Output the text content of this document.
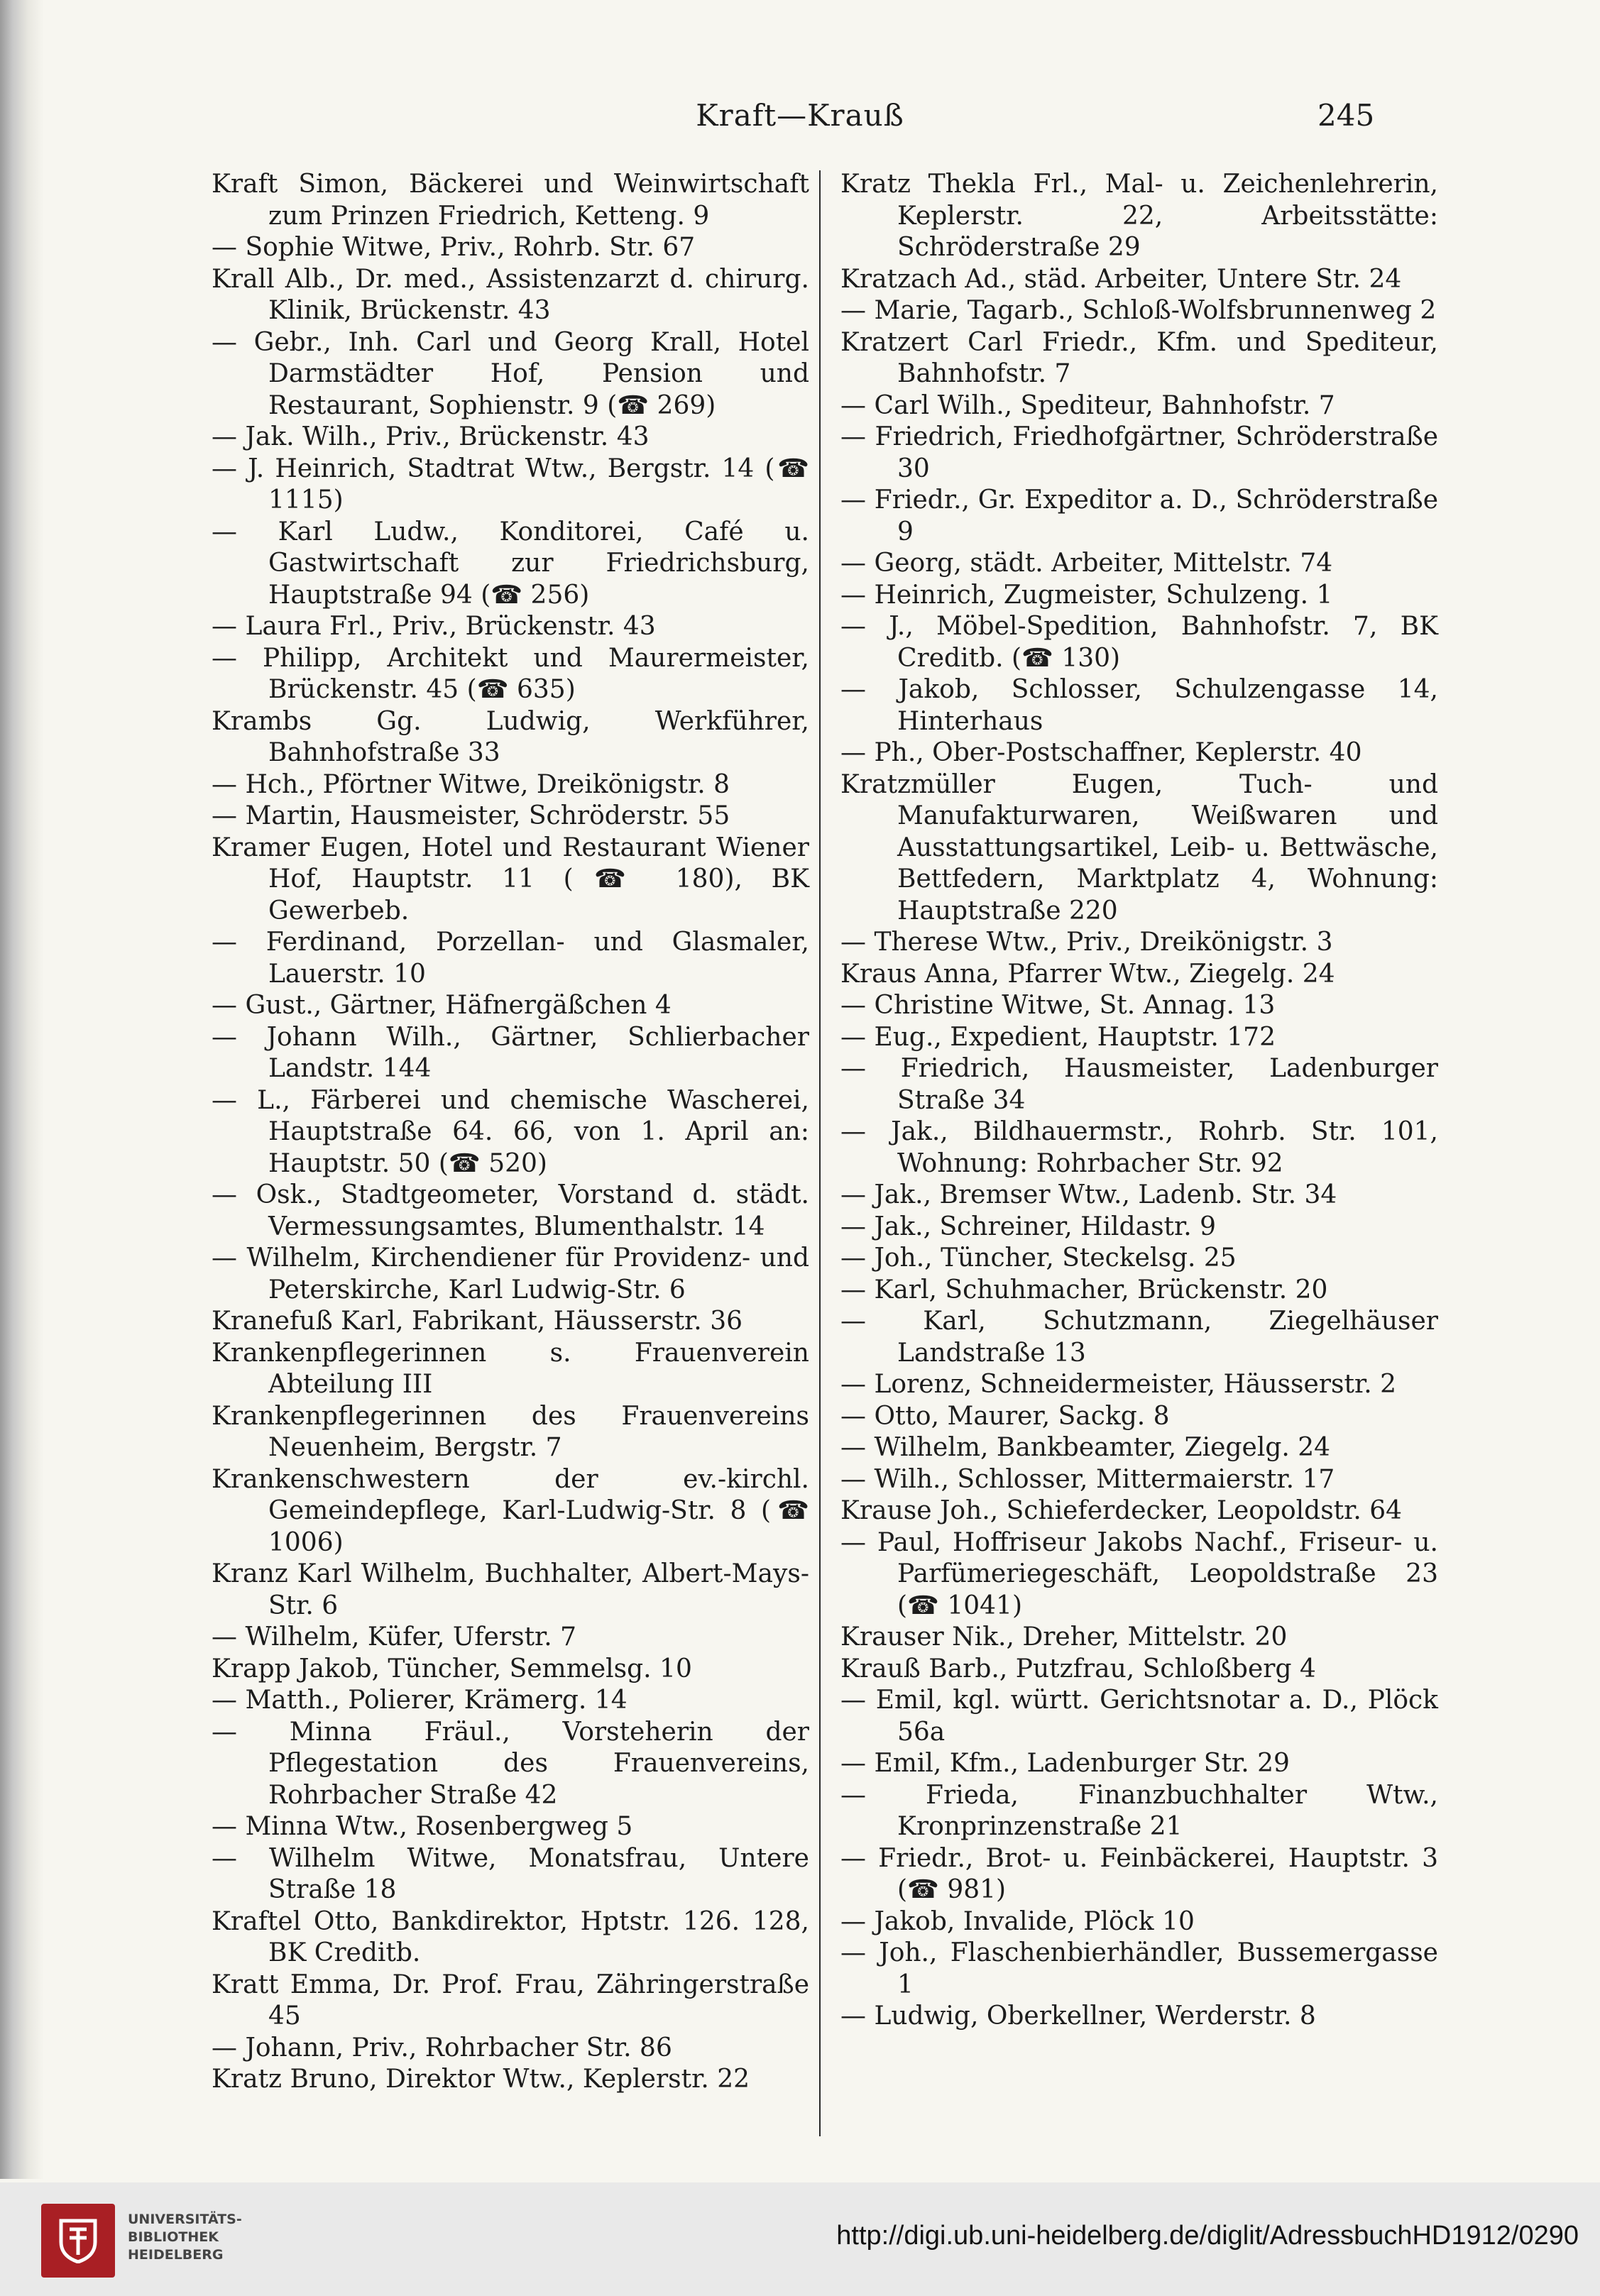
Kraft—Krauß	245

Kraft Simon, Bäckerei und Weinwirtschaft zum Prinzen Friedrich, Ketteng. 9

— Sophie Witwe, Priv., Rohrb. Str. 67

Krall Alb., Dr. med., Assistenzarzt d. chirurg. Klinik, Brückenstr. 43

— Gebr., Inh. Carl und Georg Krall, Hotel Darmstädter Hof, Pension und Restaurant, Sophienstr. 9 (☎ 269)

— Jak. Wilh., Priv., Brückenstr. 43

— J. Heinrich, Stadtrat Wtw., Bergstr. 14 (☎ 1115)

— Karl Ludw., Konditorei, Café u. Gastwirtschaft zur Friedrichsburg, Hauptstraße 94 (☎ 256)

— Laura Frl., Priv., Brückenstr. 43

— Philipp, Architekt und Maurermeister, Brückenstr. 45 (☎ 635)

Krambs Gg. Ludwig, Werkführer, Bahnhofstraße 33

— Hch., Pförtner Witwe, Dreikönigstr. 8

— Martin, Hausmeister, Schröderstr. 55

Kramer Eugen, Hotel und Restaurant Wiener Hof, Hauptstr. 11 (☎ 180), BK Gewerbeb.

— Ferdinand, Porzellan- und Glasmaler, Lauerstr. 10

— Gust., Gärtner, Häfnergäßchen 4

— Johann Wilh., Gärtner, Schlierbacher Landstr. 144

— L., Färberei und chemische Wascherei, Hauptstraße 64. 66, von 1. April an: Hauptstr. 50 (☎ 520)

— Osk., Stadtgeometer, Vorstand d. städt. Vermessungsamtes, Blumenthalstr. 14

— Wilhelm, Kirchendiener für Providenz- und Peterskirche, Karl Ludwig-Str. 6

Kranefuß Karl, Fabrikant, Häusserstr. 36

Krankenpflegerinnen s. Frauenverein Abteilung III

Krankenpflegerinnen des Frauenvereins Neuenheim, Bergstr. 7

Krankenschwestern der ev.-kirchl. Gemeindepflege, Karl-Ludwig-Str. 8 (☎ 1006)

Kranz Karl Wilhelm, Buchhalter, Albert-Mays-Str. 6

— Wilhelm, Küfer, Uferstr. 7

Krapp Jakob, Tüncher, Semmelsg. 10

— Matth., Polierer, Krämerg. 14

— Minna Fräul., Vorsteherin der Pflegestation des Frauenvereins, Rohrbacher Straße 42

— Minna Wtw., Rosenbergweg 5

— Wilhelm Witwe, Monatsfrau, Untere Straße 18

Kraftel Otto, Bankdirektor, Hptstr. 126. 128, BK Creditb.

Kratt Emma, Dr. Prof. Frau, Zähringerstraße 45

— Johann, Priv., Rohrbacher Str. 86

Kratz Bruno, Direktor Wtw., Keplerstr. 22

Kratz Thekla Frl., Mal- u. Zeichenlehrerin, Keplerstr. 22, Arbeitsstätte: Schröderstraße 29

Kratzach Ad., städ. Arbeiter, Untere Str. 24

— Marie, Tagarb., Schloß-Wolfsbrunnenweg 2

Kratzert Carl Friedr., Kfm. und Spediteur, Bahnhofstr. 7

— Carl Wilh., Spediteur, Bahnhofstr. 7

— Friedrich, Friedhofgärtner, Schröderstraße 30

— Friedr., Gr. Expeditor a. D., Schröderstraße 9

— Georg, städt. Arbeiter, Mittelstr. 74

— Heinrich, Zugmeister, Schulzeng. 1

— J., Möbel-Spedition, Bahnhofstr. 7, BK Creditb. (☎ 130)

— Jakob, Schlosser, Schulzengasse 14, Hinterhaus

— Ph., Ober-Postschaffner, Keplerstr. 40

Kratzmüller Eugen, Tuch- und Manufakturwaren, Weißwaren und Ausstattungsartikel, Leib- u. Bettwäsche, Bettfedern, Marktplatz 4, Wohnung: Hauptstraße 220

— Therese Wtw., Priv., Dreikönigstr. 3

Kraus Anna, Pfarrer Wtw., Ziegelg. 24

— Christine Witwe, St. Annag. 13

— Eug., Expedient, Hauptstr. 172

— Friedrich, Hausmeister, Ladenburger Straße 34

— Jak., Bildhauermstr., Rohrb. Str. 101, Wohnung: Rohrbacher Str. 92

— Jak., Bremser Wtw., Ladenb. Str. 34

— Jak., Schreiner, Hildastr. 9

— Joh., Tüncher, Steckelsg. 25

— Karl, Schuhmacher, Brückenstr. 20

— Karl, Schutzmann, Ziegelhäuser Landstraße 13

— Lorenz, Schneidermeister, Häusserstr. 2

— Otto, Maurer, Sackg. 8

— Wilhelm, Bankbeamter, Ziegelg. 24

— Wilh., Schlosser, Mittermaierstr. 17

Krause Joh., Schieferdecker, Leopoldstr. 64

— Paul, Hoffriseur Jakobs Nachf., Friseur- u. Parfümeriegeschäft, Leopoldstraße 23 (☎ 1041)

Krauser Nik., Dreher, Mittelstr. 20

Krauß Barb., Putzfrau, Schloßberg 4

— Emil, kgl. württ. Gerichtsnotar a. D., Plöck 56a

— Emil, Kfm., Ladenburger Str. 29

— Frieda, Finanzbuchhalter Wtw., Kronprinzenstraße 21

— Friedr., Brot- u. Feinbäckerei, Hauptstr. 3 (☎ 981)

— Jakob, Invalide, Plöck 10

— Joh., Flaschenbierhändler, Bussemergasse 1

— Ludwig, Oberkellner, Werderstr. 8

UNIVERSITÄTS-
BIBLIOTHEK
HEIDELBERG
http://digi.ub.uni-heidelberg.de/diglit/AdressbuchHD1912/0290
